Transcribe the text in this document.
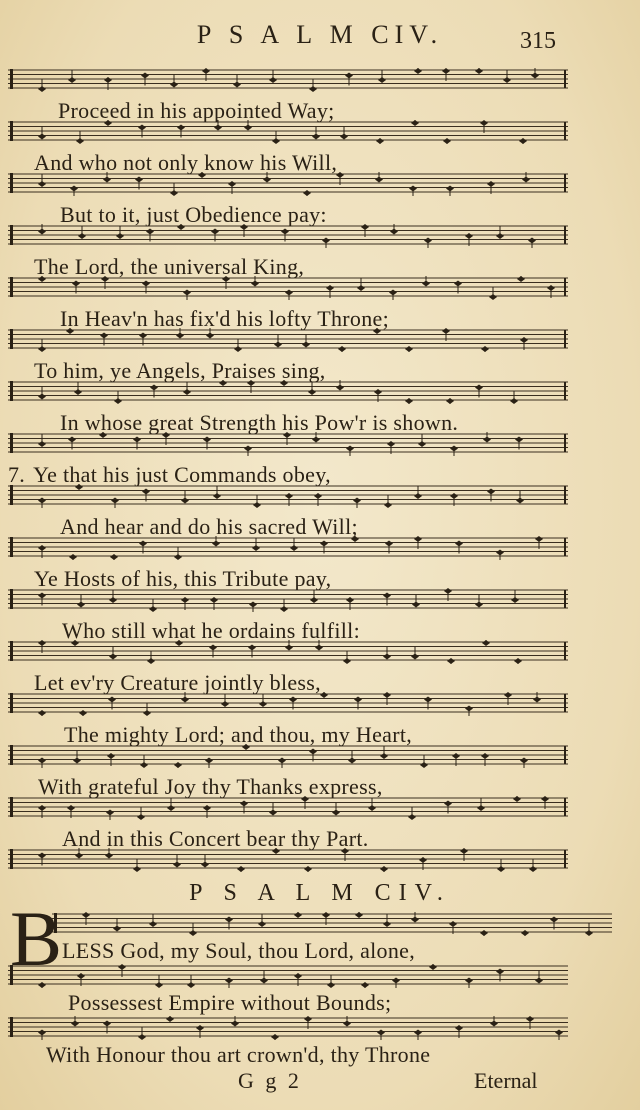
P S A L M CIV.	315
Proceed in his appointed Way;
And who not only know his Will,
But to it, just Obedience pay:
The Lord, the universal King,
In Heav'n has fix'd his lofty Throne;
To him, ye Angels, Praises sing,
In whose great Strength his Pow'r is shown.
7. Ye that his just Commands obey,
And hear and do his sacred Will;
Ye Hosts of his, this Tribute pay,
Who still what he ordains fulfill:
Let ev'ry Creature jointly bless,
The mighty Lord; and thou, my Heart,
With grateful Joy thy Thanks express,
And in this Concert bear thy Part.
P S A L M CIV.
B LESS God, my Soul, thou Lord, alone,
Possessest Empire without Bounds;
With Honour thou art crown'd, thy Throne
G g 2	Eternal
